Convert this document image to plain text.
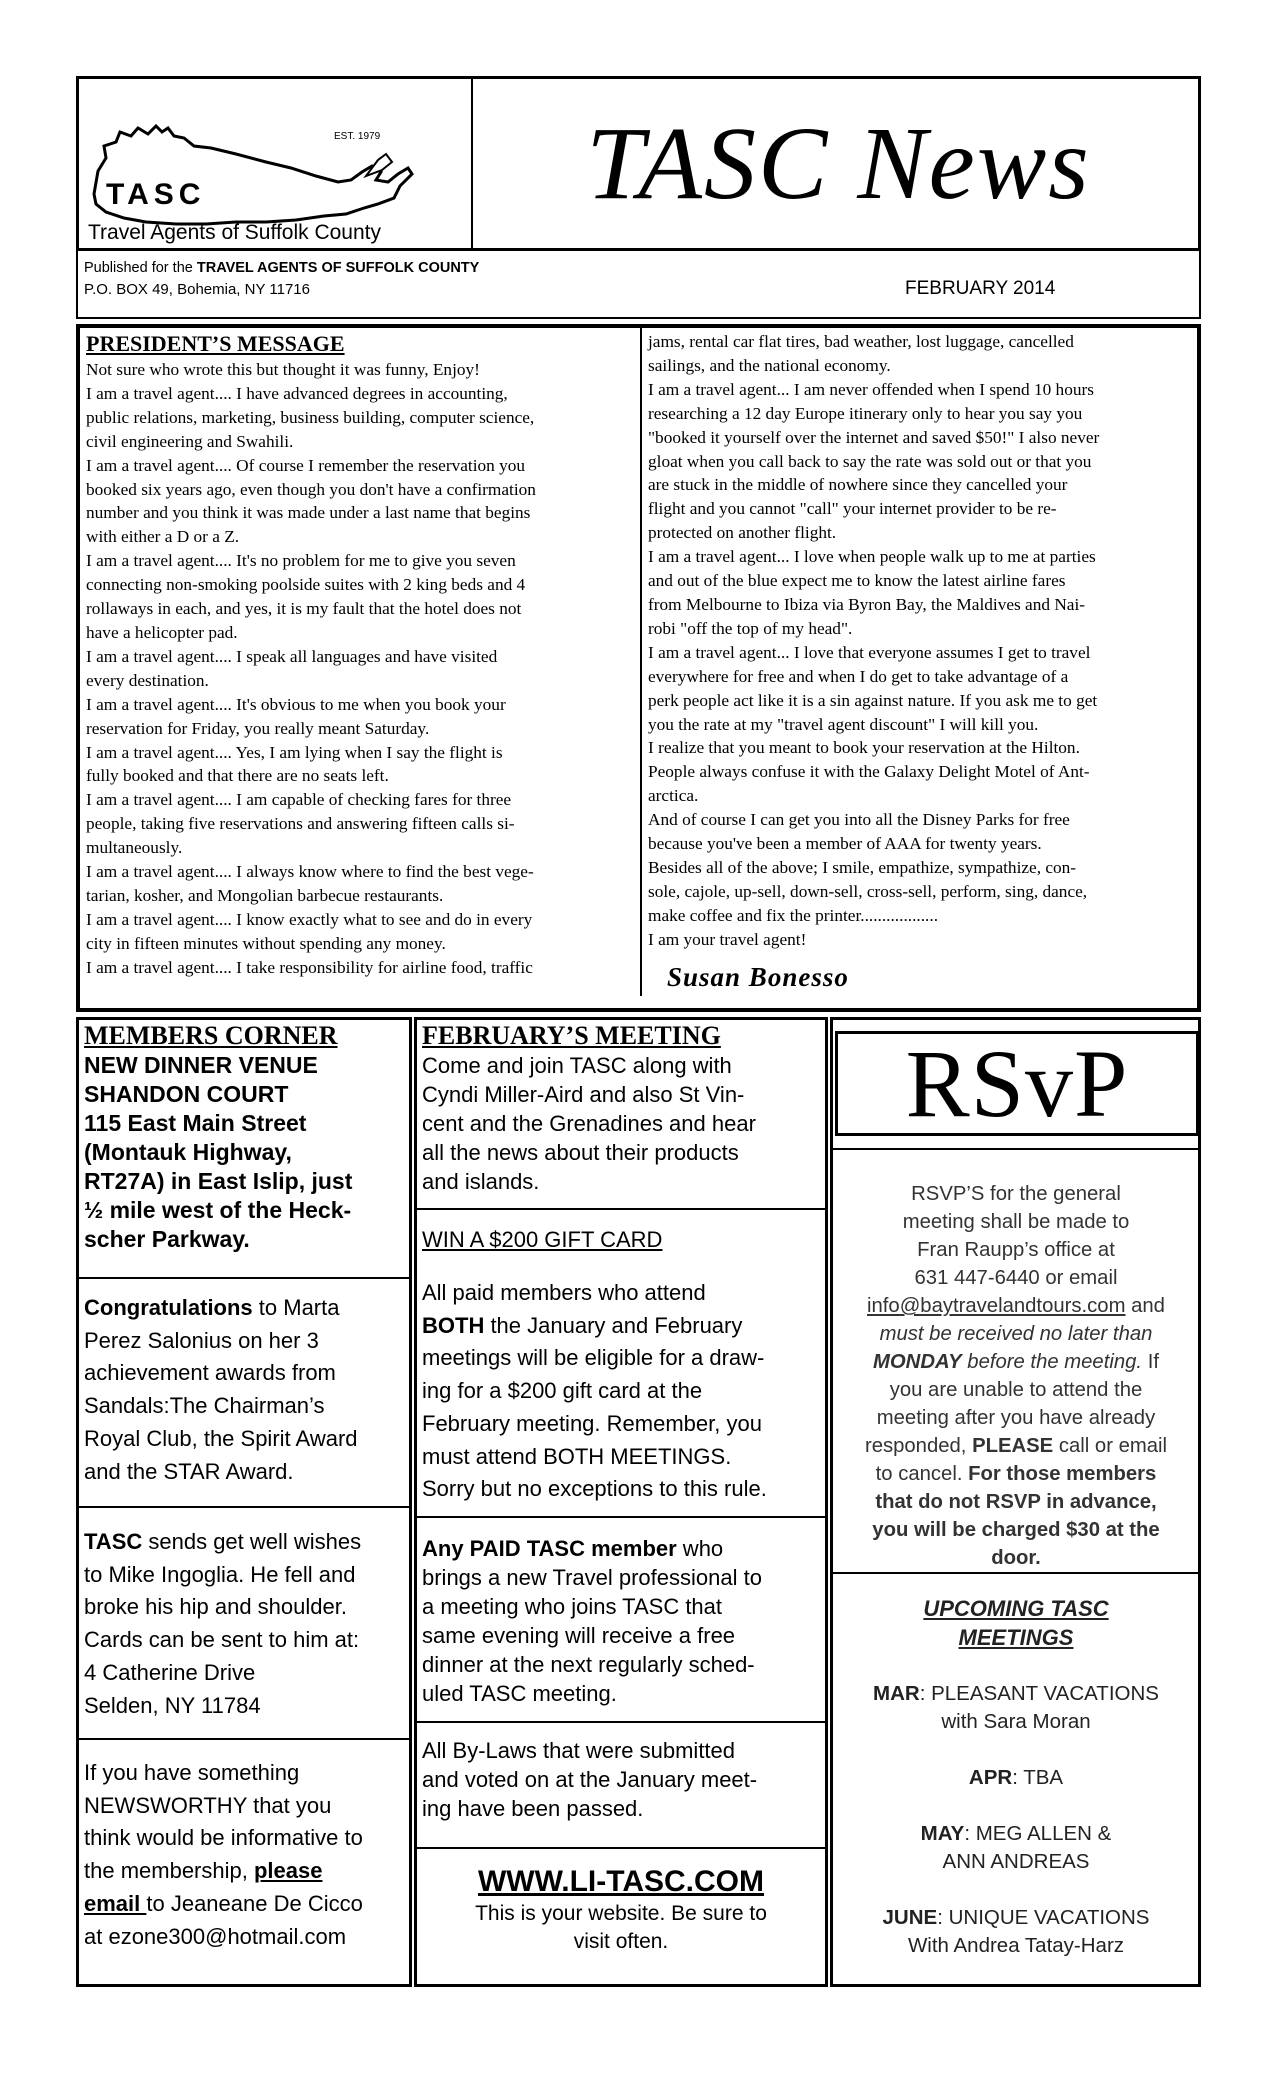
EST. 1979
TASC
Travel Agents of Suffolk County
TASC News
Published for the TRAVEL AGENTS OF SUFFOLK COUNTY
P.O. BOX 49, Bohemia, NY 11716	FEBRUARY 2014
PRESIDENT’S MESSAGE
Not sure who wrote this but thought it was funny, Enjoy!
I am a travel agent.... I have advanced degrees in accounting,
public relations, marketing, business building, computer science,
civil engineering and Swahili.
I am a travel agent.... Of course I remember the reservation you
booked six years ago, even though you don't have a confirmation
number and you think it was made under a last name that begins
with either a D or a Z.
I am a travel agent.... It's no problem for me to give you seven
connecting non-smoking poolside suites with 2 king beds and 4
rollaways in each, and yes, it is my fault that the hotel does not
have a helicopter pad.
I am a travel agent.... I speak all languages and have visited
every destination.
I am a travel agent.... It's obvious to me when you book your
reservation for Friday, you really meant Saturday.
I am a travel agent.... Yes, I am lying when I say the flight is
fully booked and that there are no seats left.
I am a travel agent.... I am capable of checking fares for three
people, taking five reservations and answering fifteen calls si-
multaneously.
I am a travel agent.... I always know where to find the best vege-
tarian, kosher, and Mongolian barbecue restaurants.
I am a travel agent.... I know exactly what to see and do in every
city in fifteen minutes without spending any money.
I am a travel agent.... I take responsibility for airline food, traffic
jams, rental car flat tires, bad weather, lost luggage, cancelled
sailings, and the national economy.
I am a travel agent... I am never offended when I spend 10 hours
researching a 12 day Europe itinerary only to hear you say you
"booked it yourself over the internet and saved $50!" I also never
gloat when you call back to say the rate was sold out or that you
are stuck in the middle of nowhere since they cancelled your
flight and you cannot "call" your internet provider to be re-
protected on another flight.
I am a travel agent... I love when people walk up to me at parties
and out of the blue expect me to know the latest airline fares
from Melbourne to Ibiza via Byron Bay, the Maldives and Nai-
robi "off the top of my head".
I am a travel agent... I love that everyone assumes I get to travel
everywhere for free and when I do get to take advantage of a
perk people act like it is a sin against nature. If you ask me to get
you the rate at my "travel agent discount" I will kill you.
I realize that you meant to book your reservation at the Hilton.
People always confuse it with the Galaxy Delight Motel of Ant-
arctica.
And of course I can get you into all the Disney Parks for free
because you've been a member of AAA for twenty years.
Besides all of the above; I smile, empathize, sympathize, con-
sole, cajole, up-sell, down-sell, cross-sell, perform, sing, dance,
make coffee and fix the printer..................
I am your travel agent!
Susan Bonesso
MEMBERS CORNER
NEW DINNER VENUE
SHANDON COURT
115 East Main Street
(Montauk Highway,
RT27A) in East Islip, just
½ mile west of the Heck-
scher Parkway.
Congratulations to Marta
Perez Salonius on her 3
achievement awards from
Sandals:The Chairman’s
Royal Club, the Spirit Award
and the STAR Award.
TASC sends get well wishes
to Mike Ingoglia. He fell and
broke his hip and shoulder.
Cards can be sent to him at:
4 Catherine Drive
Selden, NY 11784
If you have something
NEWSWORTHY that you
think would be informative to
the membership, please
email to Jeaneane De Cicco
at ezone300@hotmail.com
FEBRUARY’S MEETING
Come and join TASC along with
Cyndi Miller-Aird and also St Vin-
cent and the Grenadines and hear
all the news about their products
and islands.
WIN A $200 GIFT CARD
All paid members who attend
BOTH the January and February
meetings will be eligible for a draw-
ing for a $200 gift card at the
February meeting. Remember, you
must attend BOTH MEETINGS.
Sorry but no exceptions to this rule.
Any PAID TASC member who
brings a new Travel professional to
a meeting who joins TASC that
same evening will receive a free
dinner at the next regularly sched-
uled TASC meeting.
All By-Laws that were submitted
and voted on at the January meet-
ing have been passed.
WWW.LI-TASC.COM
This is your website. Be sure to
visit often.
RSvP
RSVP’S for the general
meeting shall be made to
Fran Raupp’s office at
631 447-6440 or email
info@baytravelandtours.com and
must be received no later than
MONDAY before the meeting. If
you are unable to attend the
meeting after you have already
responded, PLEASE call or email
to cancel. For those members
that do not RSVP in advance,
you will be charged $30 at the
door.
UPCOMING TASC
MEETINGS
MAR: PLEASANT VACATIONS
with Sara Moran
APR: TBA
MAY: MEG ALLEN &
ANN ANDREAS
JUNE: UNIQUE VACATIONS
With Andrea Tatay-Harz
